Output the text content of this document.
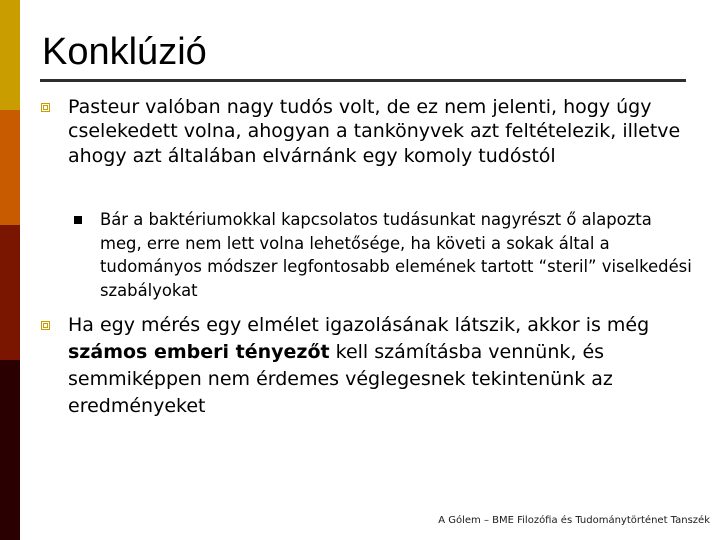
Konklúzió
Pasteur valóban nagy tudós volt, de ez nem jelenti, hogy úgy cselekedett volna, ahogyan a tankönyvek azt feltételezik, illetve ahogy azt általában elvárnánk egy komoly tudóstól
Bár a baktériumokkal kapcsolatos tudásunkat nagyrészt ő alapozta meg, erre nem lett volna lehetősége, ha követi a sokak által a tudományos módszer legfontosabb elemének tartott “steril” viselkedési szabályokat
Ha egy mérés egy elmélet igazolásának látszik, akkor is még számos emberi tényezőt kell számításba vennünk, és semmiképpen nem érdemes véglegesnek tekintenünk az eredményeket
A Gólem – BME Filozófia és Tudománytörténet Tanszék
